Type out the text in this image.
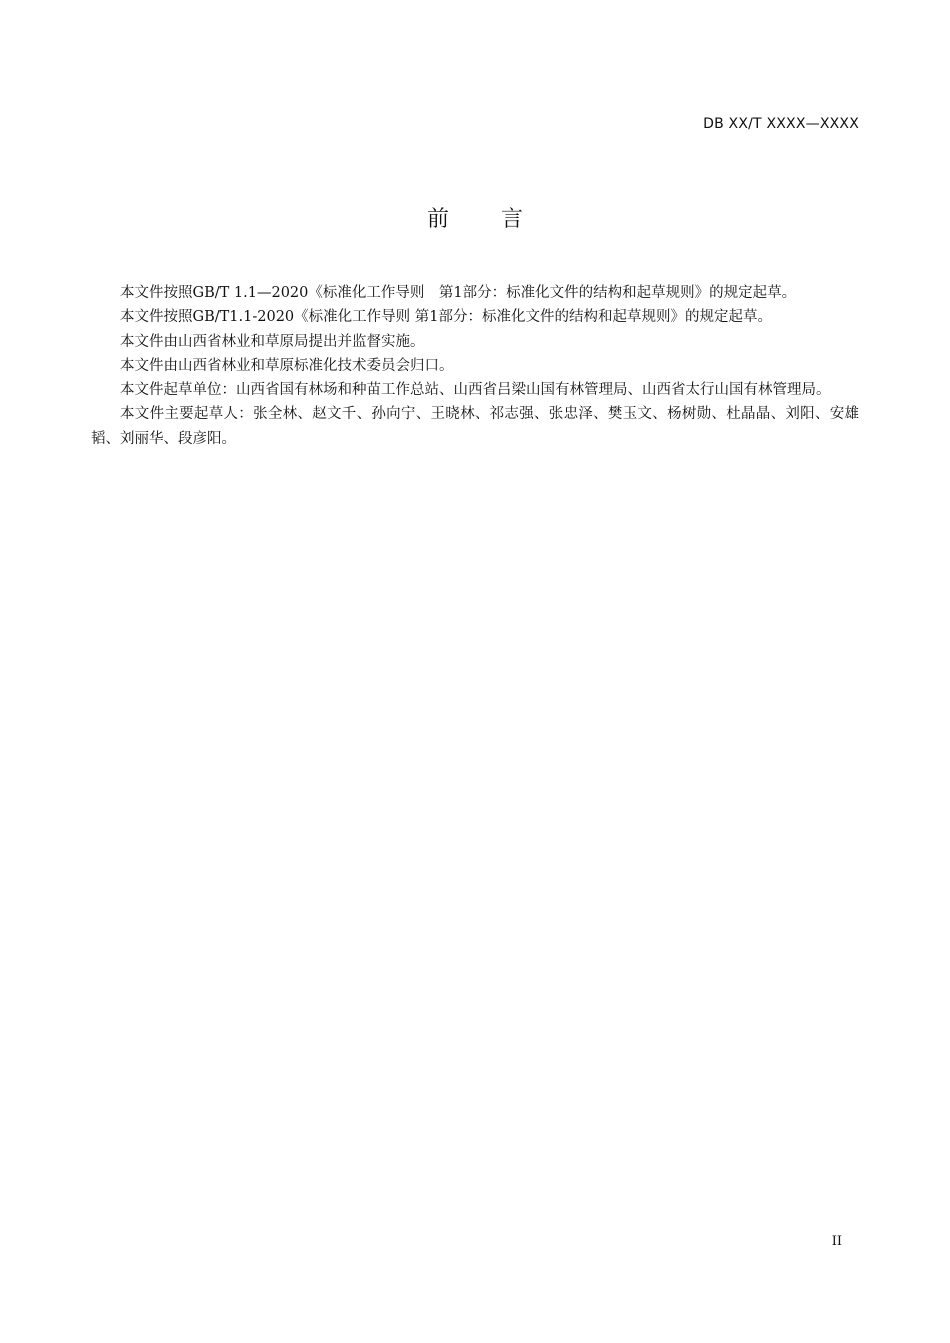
DB XX/T XXXX—XXXX
前言

本文件按照GB/T 1.1—2020《标准化工作导则　第1部分：标准化文件的结构和起草规则》的规定起草。

本文件按照GB/T1.1-2020《标准化工作导则 第1部分：标准化文件的结构和起草规则》的规定起草。

本文件由山西省林业和草原局提出并监督实施。

本文件由山西省林业和草原标准化技术委员会归口。

本文件起草单位：山西省国有林场和种苗工作总站、山西省吕梁山国有林管理局、山西省太行山国有林管理局。

本文件主要起草人：张全林、赵文千、孙向宁、王晓林、祁志强、张忠泽、樊玉文、杨树勋、杜晶晶、刘阳、安雄韬、刘丽华、段彦阳。

II
